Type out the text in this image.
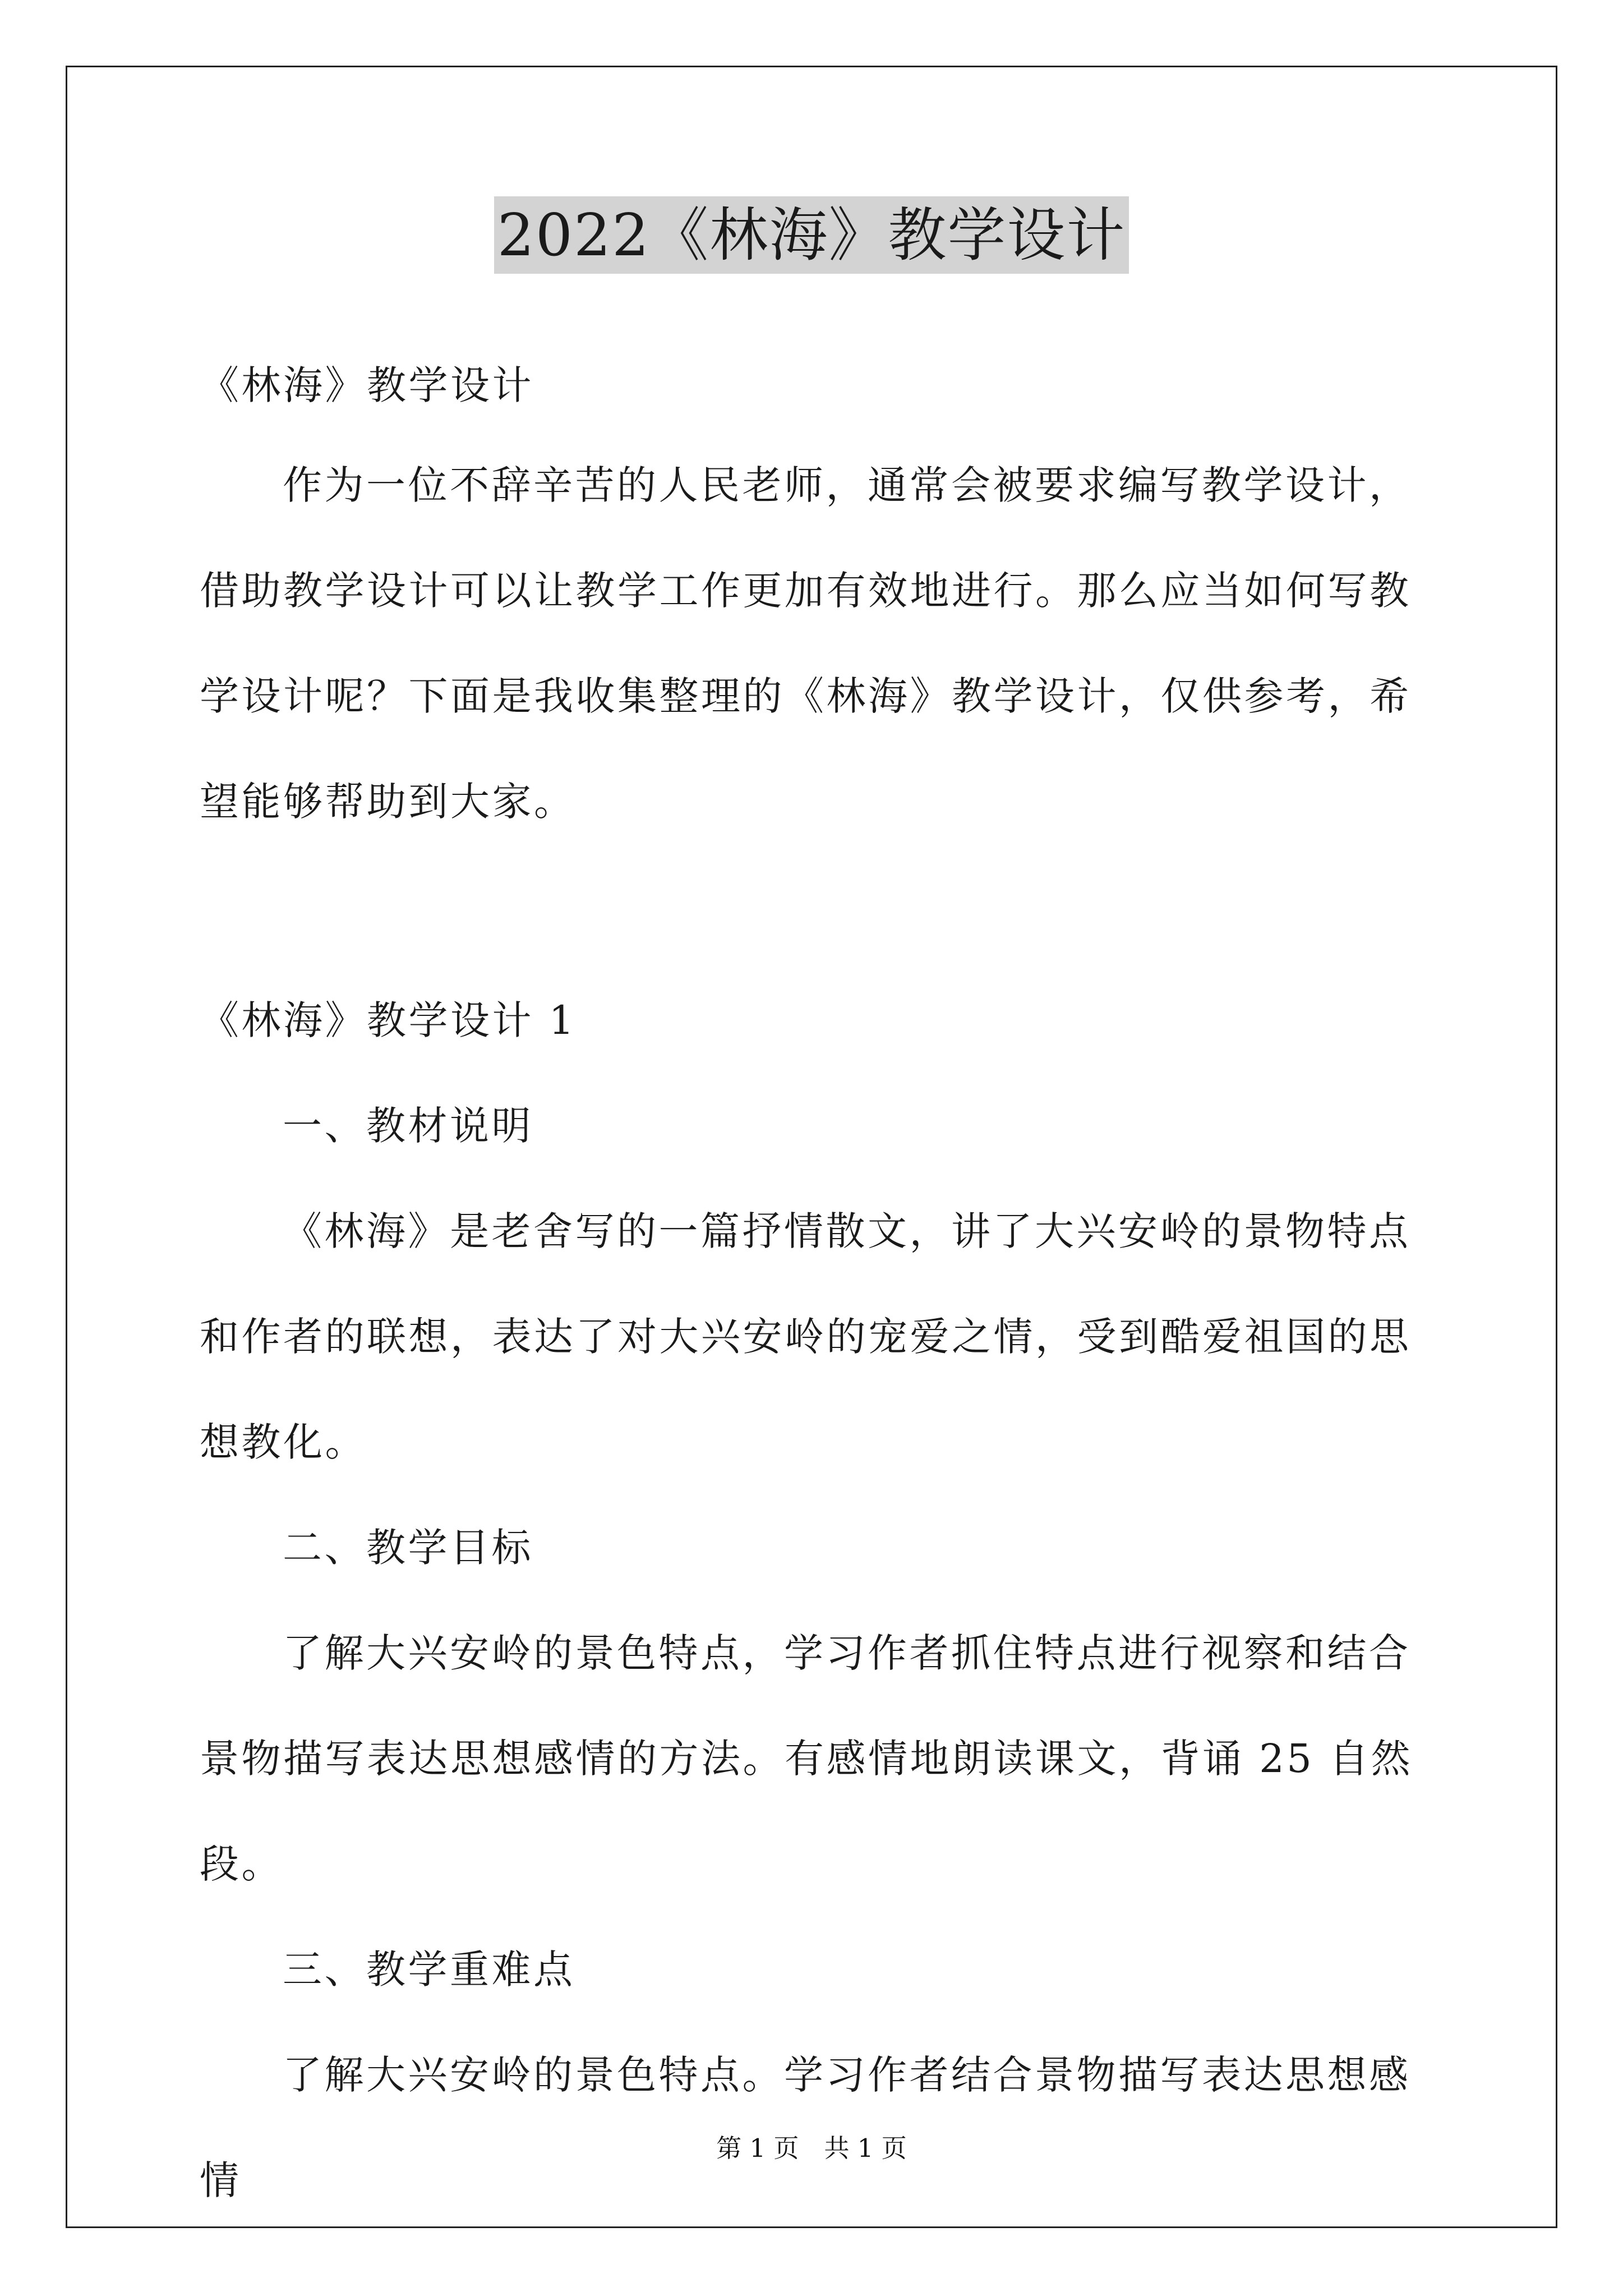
2022《林海》教学设计

《林海》教学设计

作为一位不辞辛苦的人民老师，通常会被要求编写教学设计，借助教学设计可以让教学工作更加有效地进行。那么应当如何写教学设计呢？下面是我收集整理的《林海》教学设计，仅供参考，希望能够帮助到大家。

《林海》教学设计 1

一、教材说明

《林海》是老舍写的一篇抒情散文，讲了大兴安岭的景物特点和作者的联想，表达了对大兴安岭的宠爱之情，受到酷爱祖国的思想教化。

二、教学目标

了解大兴安岭的景色特点，学习作者抓住特点进行视察和结合景物描写表达思想感情的方法。有感情地朗读课文，背诵 25 自然段。

三、教学重难点

了解大兴安岭的景色特点。学习作者结合景物描写表达思想感情

第 1 页　共 1 页
